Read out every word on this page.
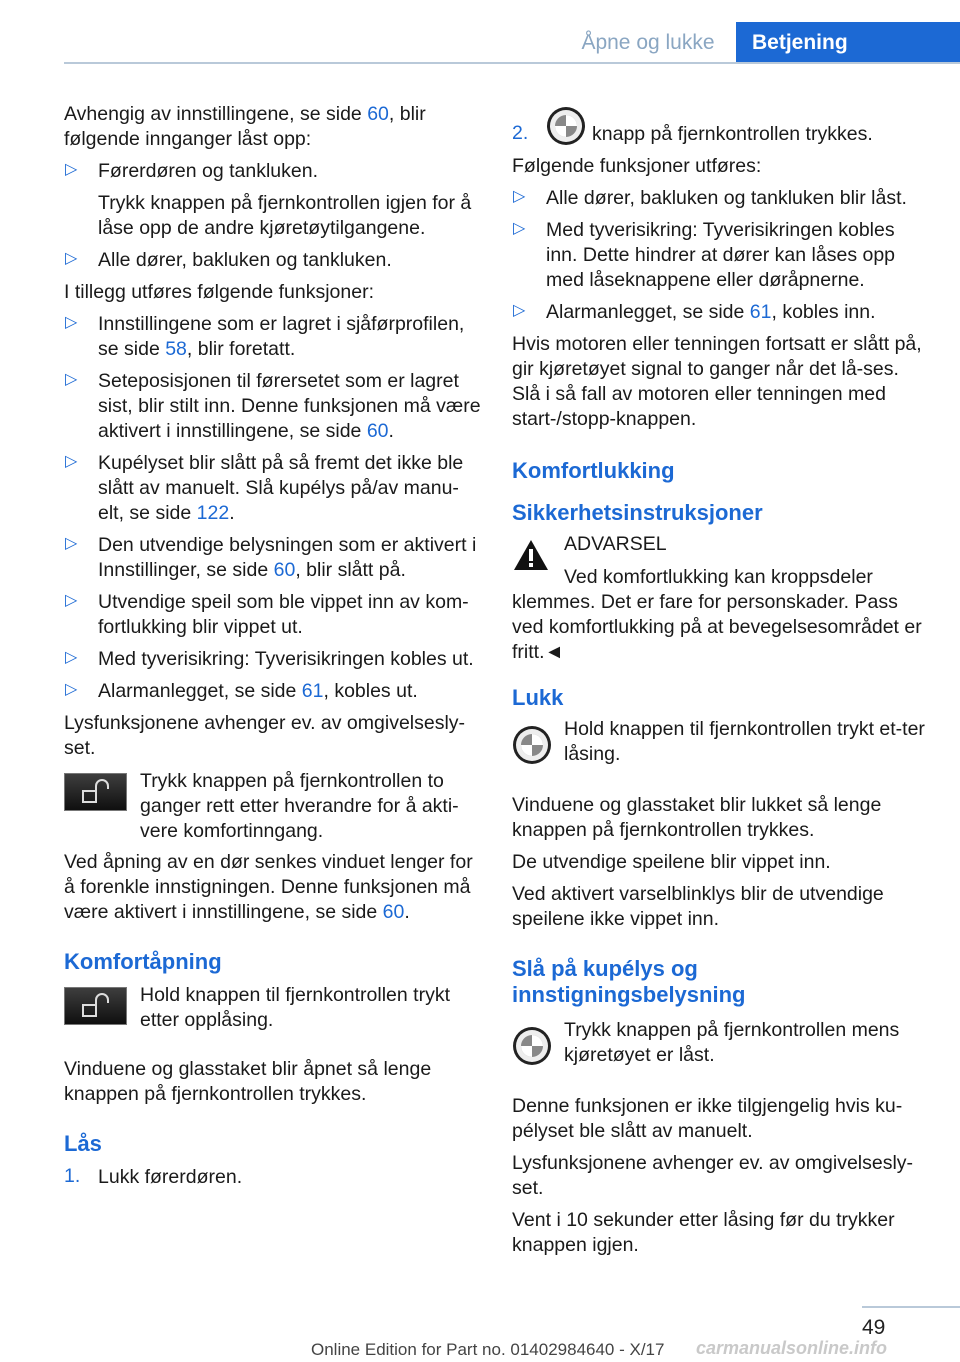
Åpne og lukke	Betjening

Avhengig av innstillingene, se side 60, blir følgende innganger låst opp:

▷ Førerdøren og tankluken.

Trykk knappen på fjernkontrollen igjen for å låse opp de andre kjøretøytilgangene.

▷ Alle dører, bakluken og tankluken.

I tillegg utføres følgende funksjoner:

▷ Innstillingene som er lagret i sjåførprofilen, se side 58, blir foretatt.

▷ Seteposisjonen til førersetet som er lagret sist, blir stilt inn. Denne funksjonen må være aktivert i innstillingene, se side 60.

▷ Kupélyset blir slått på så fremt det ikke ble slått av manuelt. Slå kupélys på/av manu‐elt, se side 122.

▷ Den utvendige belysningen som er aktivert i Innstillinger, se side 60, blir slått på.

▷ Utvendige speil som ble vippet inn av kom‐fortlukking blir vippet ut.

▷ Med tyverisikring: Tyverisikringen kobles ut.

▷ Alarmanlegget, se side 61, kobles ut.

Lysfunksjonene avhenger ev. av omgivelsesly‐set.

Trykk knappen på fjernkontrollen to ganger rett etter hverandre for å akti‐vere komfortinngang.

Ved åpning av en dør senkes vinduet lenger for å forenkle innstigningen. Denne funksjonen må være aktivert i innstillingene, se side 60.

Komfortåpning

Hold knappen til fjernkontrollen trykt etter opplåsing.

Vinduene og glasstaket blir åpnet så lenge knappen på fjernkontrollen trykkes.

Lås
1. Lukk førerdøren.

2.	knapp på fjernkontrollen trykkes.

Følgende funksjoner utføres:

▷ Alle dører, bakluken og tankluken blir låst.

▷ Med tyverisikring: Tyverisikringen kobles inn. Dette hindrer at dører kan låses opp med låseknappene eller døråpnerne.

▷ Alarmanlegget, se side 61, kobles inn.

Hvis motoren eller tenningen fortsatt er slått på, gir kjøretøyet signal to ganger når det lå‐ses. Slå i så fall av motoren eller tenningen med start-/stopp-knappen.

Komfortlukking
Sikkerhetsinstruksjoner

ADVARSEL

Ved komfortlukking kan kroppsdeler klemmes. Det er fare for personskader. Pass ved komfortlukking på at bevegelsesområdet er fritt.◄

Lukk

Hold knappen til fjernkontrollen trykt et‐ter låsing.

Vinduene og glasstaket blir lukket så lenge knappen på fjernkontrollen trykkes.

De utvendige speilene blir vippet inn.

Ved aktivert varselblinklys blir de utvendige speilene ikke vippet inn.

Slå på kupélys og innstigningsbelysning

Trykk knappen på fjernkontrollen mens kjøretøyet er låst.

Denne funksjonen er ikke tilgjengelig hvis ku‐pélyset ble slått av manuelt.

Lysfunksjonene avhenger ev. av omgivelsesly‐set.

Vent i 10 sekunder etter låsing før du trykker knappen igjen.

49
Online Edition for Part no. 01402984640 - X/17 carmanualsonline.info
